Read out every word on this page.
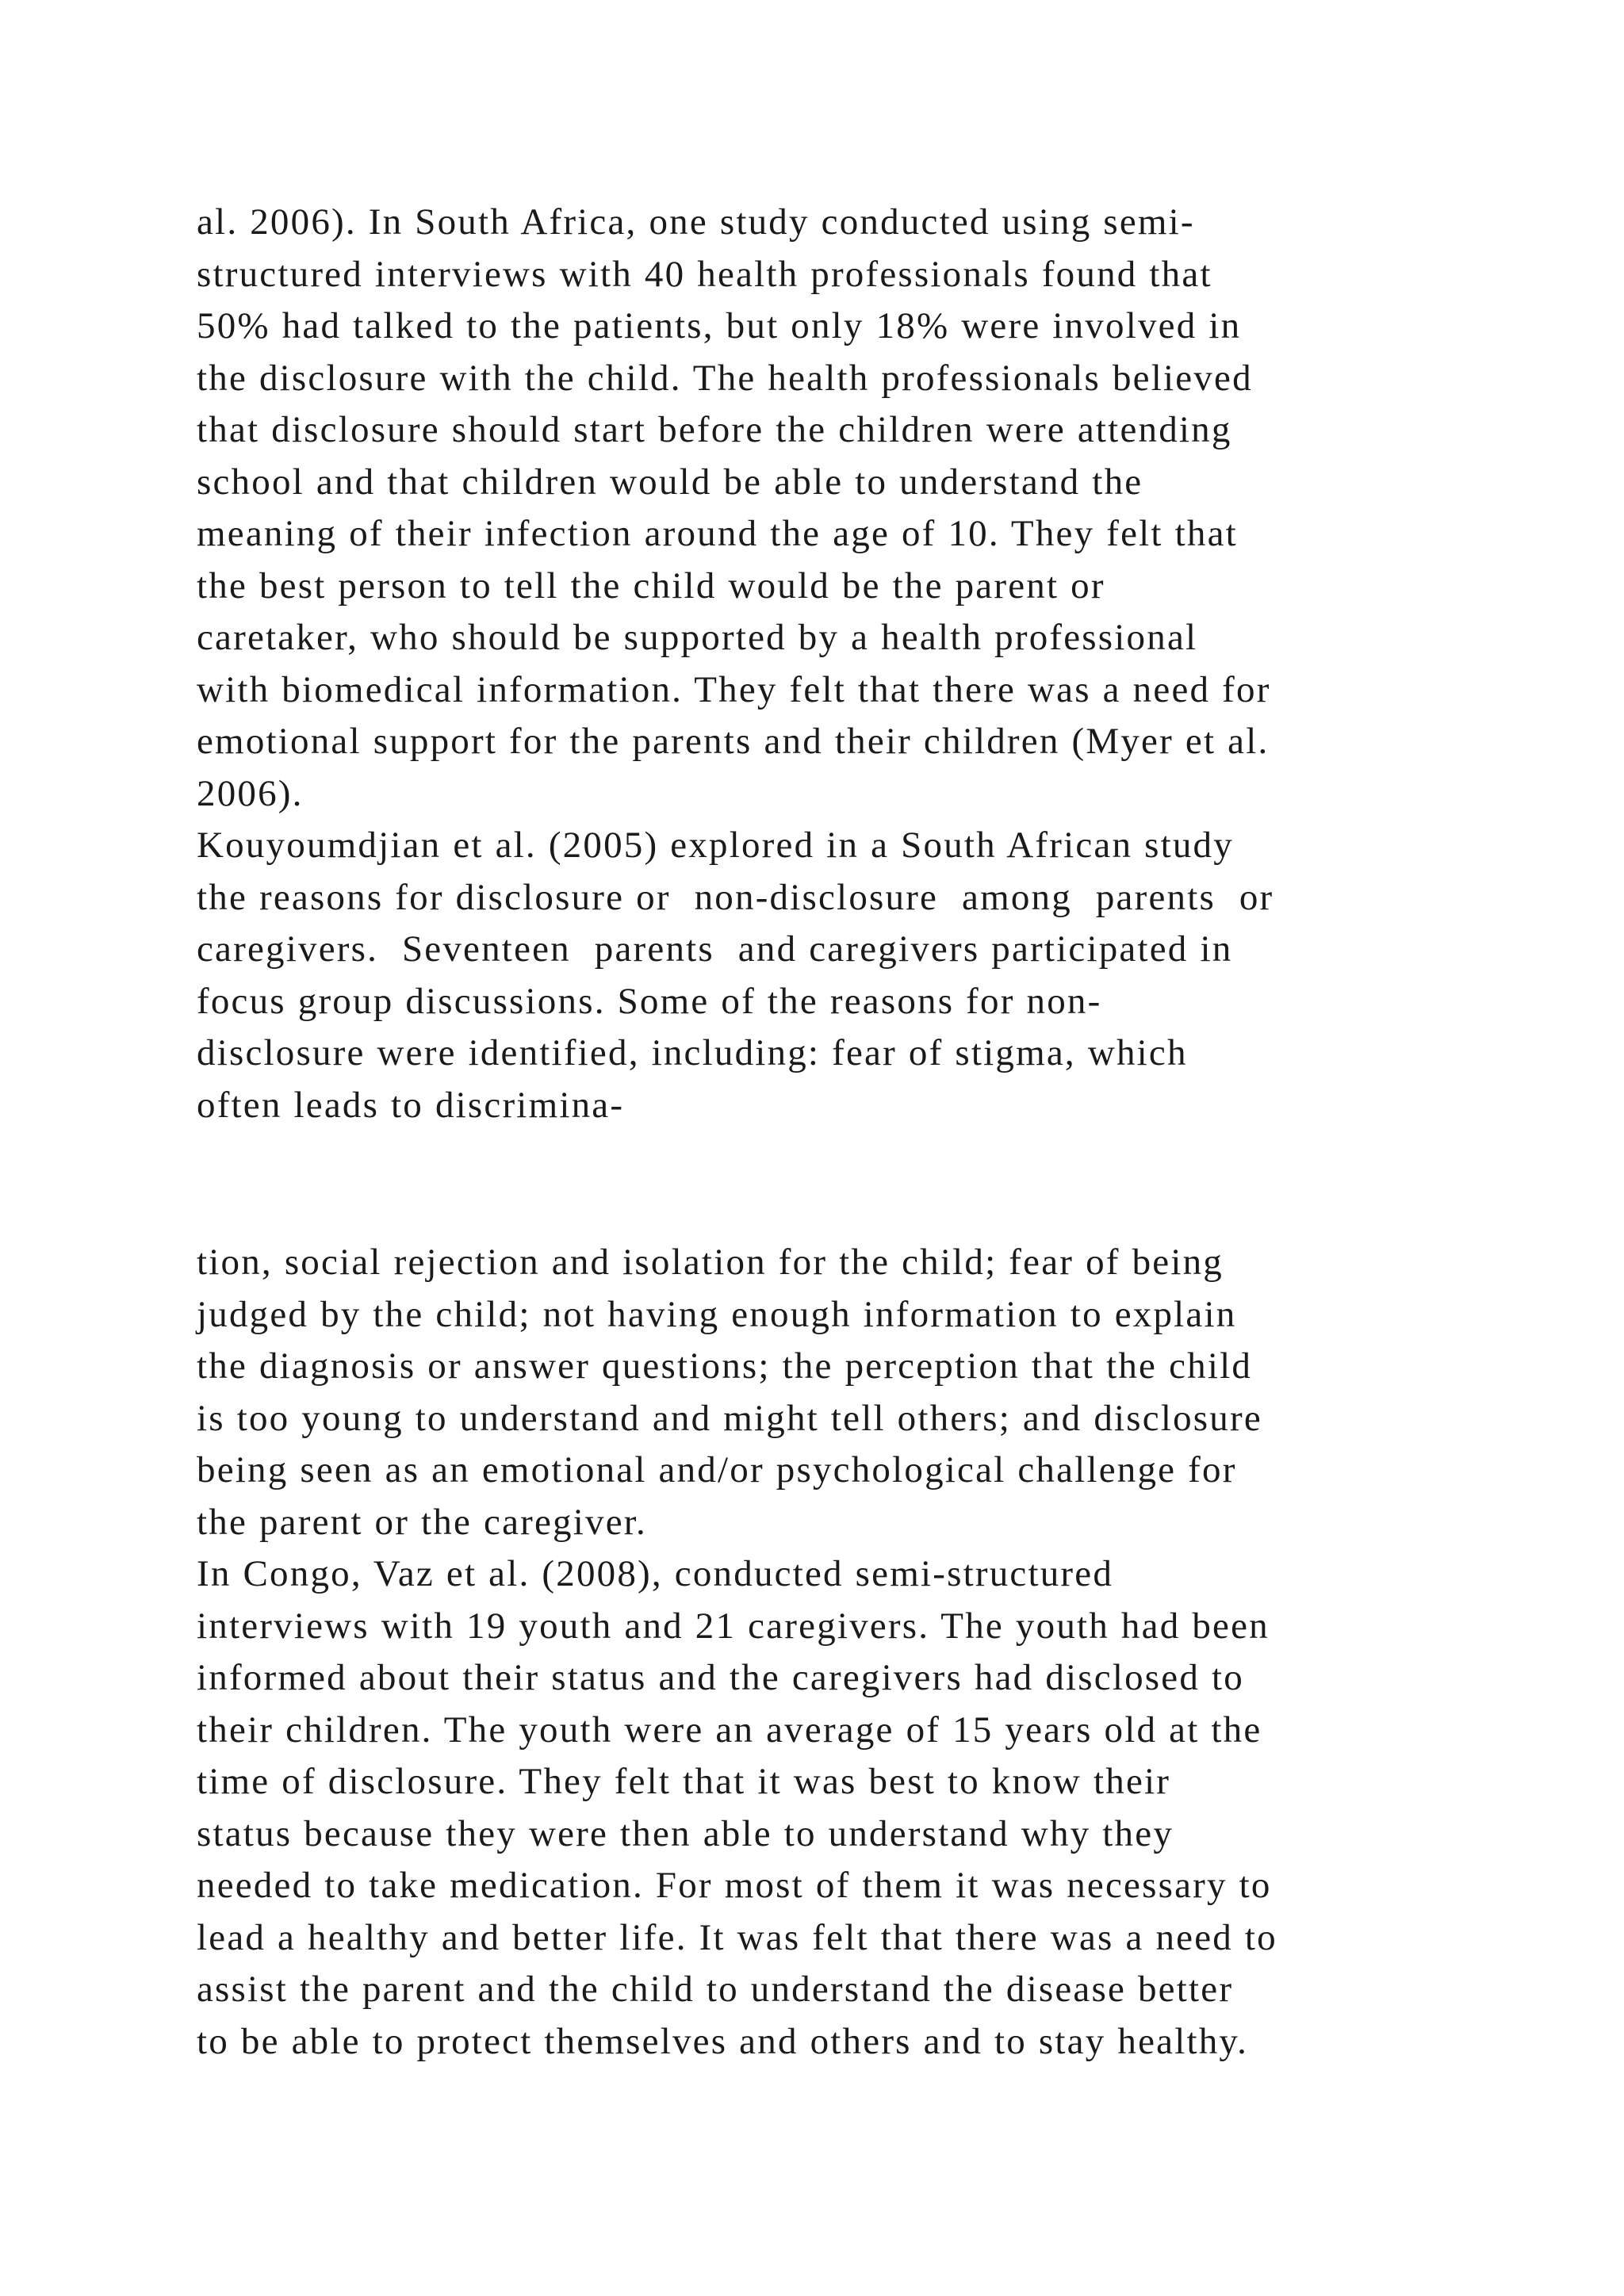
al. 2006). In South Africa, one study conducted using semi-
structured interviews with 40 health professionals found that
50% had talked to the patients, but only 18% were involved in
the disclosure with the child. The health professionals believed
that disclosure should start before the children were attending
school and that children would be able to understand the
meaning of their infection around the age of 10. They felt that
the best person to tell the child would be the parent or
caretaker, who should be supported by a health professional
with biomedical information. They felt that there was a need for
emotional support for the parents and their children (Myer et al.
2006).
Kouyoumdjian et al. (2005) explored in a South African study
the reasons for disclosure or  non-disclosure  among  parents  or
caregivers.  Seventeen  parents  and caregivers participated in
focus group discussions. Some of the reasons for non-
disclosure were identified, including: fear of stigma, which
often leads to discrimina-
tion, social rejection and isolation for the child; fear of being
judged by the child; not having enough information to explain
the diagnosis or answer questions; the perception that the child
is too young to understand and might tell others; and disclosure
being seen as an emotional and/or psychological challenge for
the parent or the caregiver.
In Congo, Vaz et al. (2008), conducted semi-structured
interviews with 19 youth and 21 caregivers. The youth had been
informed about their status and the caregivers had disclosed to
their children. The youth were an average of 15 years old at the
time of disclosure. They felt that it was best to know their
status because they were then able to understand why they
needed to take medication. For most of them it was necessary to
lead a healthy and better life. It was felt that there was a need to
assist the parent and the child to understand the disease better
to be able to protect themselves and others and to stay healthy.
